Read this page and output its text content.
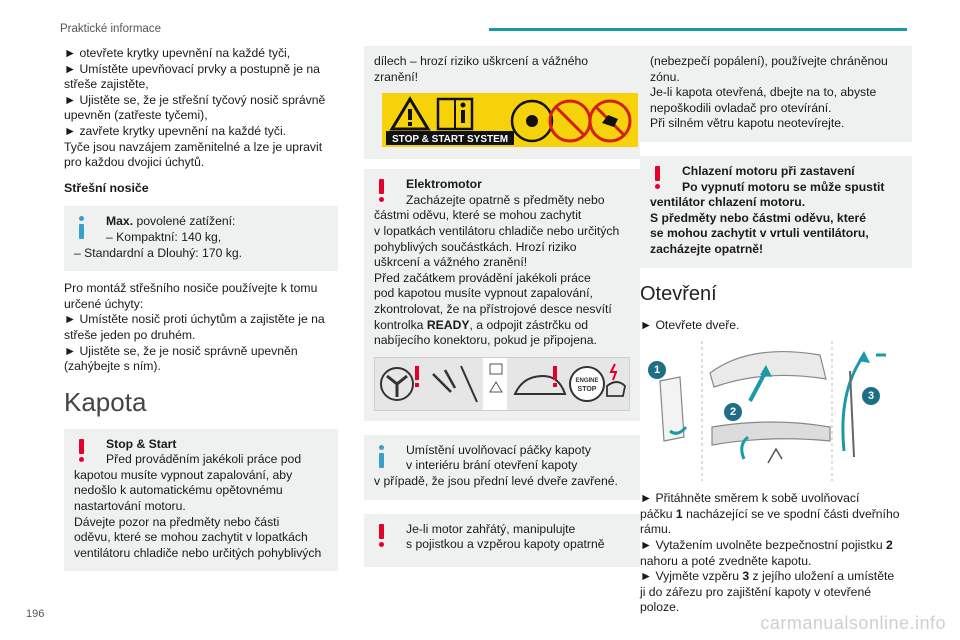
Praktické informace

► otevřete krytky upevnění na každé tyči,

► Umístěte upevňovací prvky a postupně je na

střeše zajistěte,

► Ujistěte se, že je střešní tyčový nosič správně

upevněn (zatřeste tyčemi),

► zavřete krytky upevnění na každé tyči.

Tyče jsou navzájem zaměnitelné a lze je upravit

pro každou dvojici úchytů.

Střešní nosiče

Max. povolené zatížení:

– Kompaktní: 140 kg,

– Standardní a Dlouhý: 170 kg.

Pro montáž střešního nosiče používejte k tomu

určené úchyty:

► Umístěte nosič proti úchytům a zajistěte je na

střeše jeden po druhém.

► Ujistěte se, že je nosič správně upevněn

(zahýbejte s ním).

Kapota

Stop & Start

Před prováděním jakékoli práce pod

kapotou musíte vypnout zapalování, aby

nedošlo k automatickému opětovnému

nastartování motoru.

Dávejte pozor na předměty nebo části

oděvu, které se mohou zachytit v lopatkách

ventilátoru chladiče nebo určitých pohyblivých

dílech – hrozí riziko uškrcení a vážného

zranění!

STOP & START SYSTEM

Elektromotor

Zacházejte opatrně s předměty nebo

částmi oděvu, které se mohou zachytit

v lopatkách ventilátoru chladiče nebo určitých

pohyblivých součástkách. Hrozí riziko

uškrcení a vážného zranění!

Před začátkem provádění jakékoli práce

pod kapotou musíte vypnout zapalování,

zkontrolovat, že na přístrojové desce nesvítí

kontrolka READY, a odpojit zástrčku od

nabíjecího konektoru, pokud je připojena.

ENGINE
STOP

Umístění uvolňovací páčky kapoty

v interiéru brání otevření kapoty

v případě, že jsou přední levé dveře zavřené.

Je-li motor zahřátý, manipulujte

s pojistkou a vzpěrou kapoty opatrně

(nebezpečí popálení), používejte chráněnou

zónu.

Je-li kapota otevřená, dbejte na to, abyste

nepoškodili ovladač pro otevírání.

Při silném větru kapotu neotevírejte.

Chlazení motoru při zastavení

Po vypnutí motoru se může spustit

ventilátor chlazení motoru.

S předměty nebo částmi oděvu, které

se mohou zachytit v vrtuli ventilátoru,

zacházejte opatrně!

Otevření

► Otevřete dveře.

1
2
3

► Přitáhněte směrem k sobě uvolňovací

páčku 1 nacházející se ve spodní části dveřního

rámu.

► Vytažením uvolněte bezpečnostní pojistku 2

nahoru a poté zvedněte kapotu.

► Vyjměte vzpěru 3 z jejího uložení a umístěte

ji do zářezu pro zajištění kapoty v otevřené

poloze.

196	carmanualsonline.info
